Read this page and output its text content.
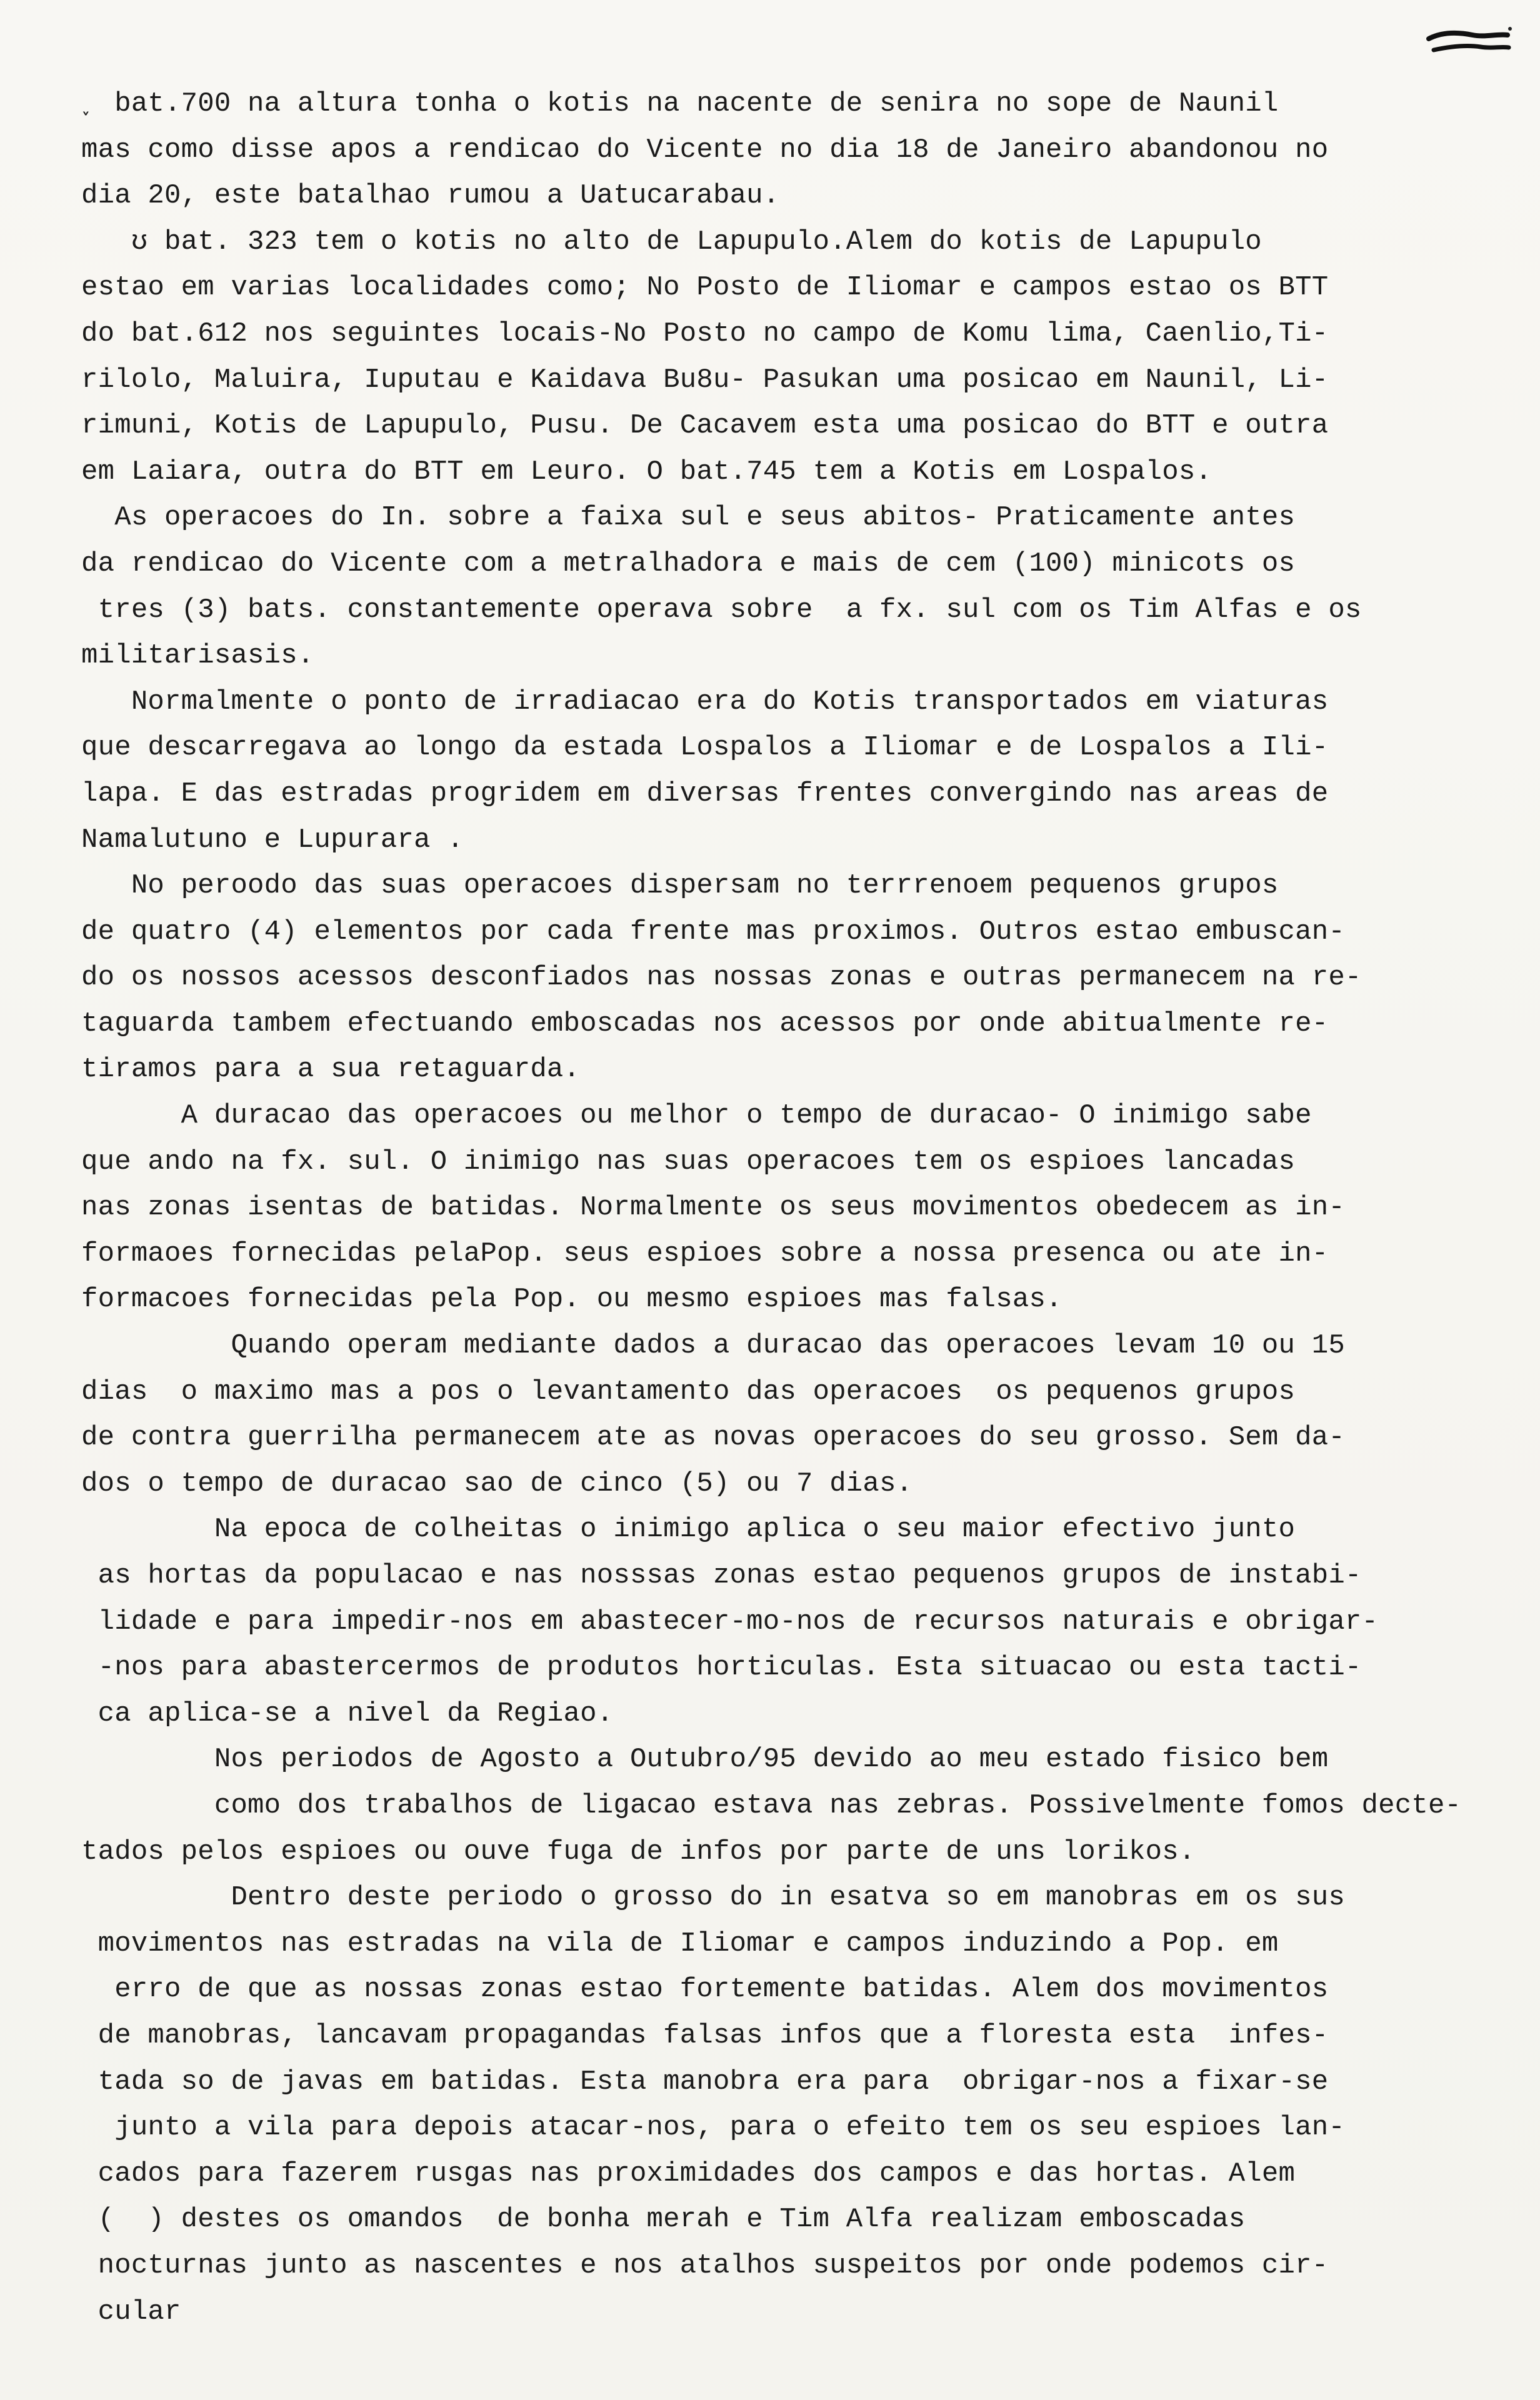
˯ bat.700 na altura tonha o kotis na nacente de senira no sope de Naunil
mas como disse apos a rendicao do Vicente no dia 18 de Janeiro abandonou no
dia 20, este batalhao rumou a Uatucarabau.
ʊ bat. 323 tem o kotis no alto de Lapupulo.Alem do kotis de Lapupulo
estao em varias localidades como; No Posto de Iliomar e campos estao os BTT
do bat.612 nos seguintes locais-No Posto no campo de Komu lima, Caenlio,Ti-
rilolo, Maluira, Iuputau e Kaidava Bu8u- Pasukan uma posicao em Naunil, Li-
rimuni, Kotis de Lapupulo, Pusu. De Cacavem esta uma posicao do BTT e outra
em Laiara, outra do BTT em Leuro. O bat.745 tem a Kotis em Lospalos.
As operacoes do In. sobre a faixa sul e seus abitos- Praticamente antes
da rendicao do Vicente com a metralhadora e mais de cem (100) minicots os
tres (3) bats. constantemente operava sobre  a fx. sul com os Tim Alfas e os
militarisasis.
Normalmente o ponto de irradiacao era do Kotis transportados em viaturas
que descarregava ao longo da estada Lospalos a Iliomar e de Lospalos a Ili-
lapa. E das estradas progridem em diversas frentes convergindo nas areas de
Namalutuno e Lupurara .
No peroodo das suas operacoes dispersam no terrrenoem pequenos grupos
de quatro (4) elementos por cada frente mas proximos. Outros estao embuscan-
do os nossos acessos desconfiados nas nossas zonas e outras permanecem na re-
taguarda tambem efectuando emboscadas nos acessos por onde abitualmente re-
tiramos para a sua retaguarda.
A duracao das operacoes ou melhor o tempo de duracao- O inimigo sabe
que ando na fx. sul. O inimigo nas suas operacoes tem os espioes lancadas
nas zonas isentas de batidas. Normalmente os seus movimentos obedecem as in-
formaoes fornecidas pelaPop. seus espioes sobre a nossa presenca ou ate in-
formacoes fornecidas pela Pop. ou mesmo espioes mas falsas.
Quando operam mediante dados a duracao das operacoes levam 10 ou 15
dias  o maximo mas a pos o levantamento das operacoes  os pequenos grupos
de contra guerrilha permanecem ate as novas operacoes do seu grosso. Sem da-
dos o tempo de duracao sao de cinco (5) ou 7 dias.
Na epoca de colheitas o inimigo aplica o seu maior efectivo junto
as hortas da populacao e nas nosssas zonas estao pequenos grupos de instabi-
lidade e para impedir-nos em abastecer-mo-nos de recursos naturais e obrigar-
-nos para abastercermos de produtos horticulas. Esta situacao ou esta tacti-
ca aplica-se a nivel da Regiao.
Nos periodos de Agosto a Outubro/95 devido ao meu estado fisico bem
como dos trabalhos de ligacao estava nas zebras. Possivelmente fomos decte-
tados pelos espioes ou ouve fuga de infos por parte de uns lorikos.
Dentro deste periodo o grosso do in esatva so em manobras em os sus
movimentos nas estradas na vila de Iliomar e campos induzindo a Pop. em
erro de que as nossas zonas estao fortemente batidas. Alem dos movimentos
de manobras, lancavam propagandas falsas infos que a floresta esta  infes-
tada so de javas em batidas. Esta manobra era para  obrigar-nos a fixar-se
junto a vila para depois atacar-nos, para o efeito tem os seu espioes lan-
cados para fazerem rusgas nas proximidades dos campos e das hortas. Alem
(  ) destes os omandos  de bonha merah e Tim Alfa realizam emboscadas
nocturnas junto as nascentes e nos atalhos suspeitos por onde podemos cir-
cular
